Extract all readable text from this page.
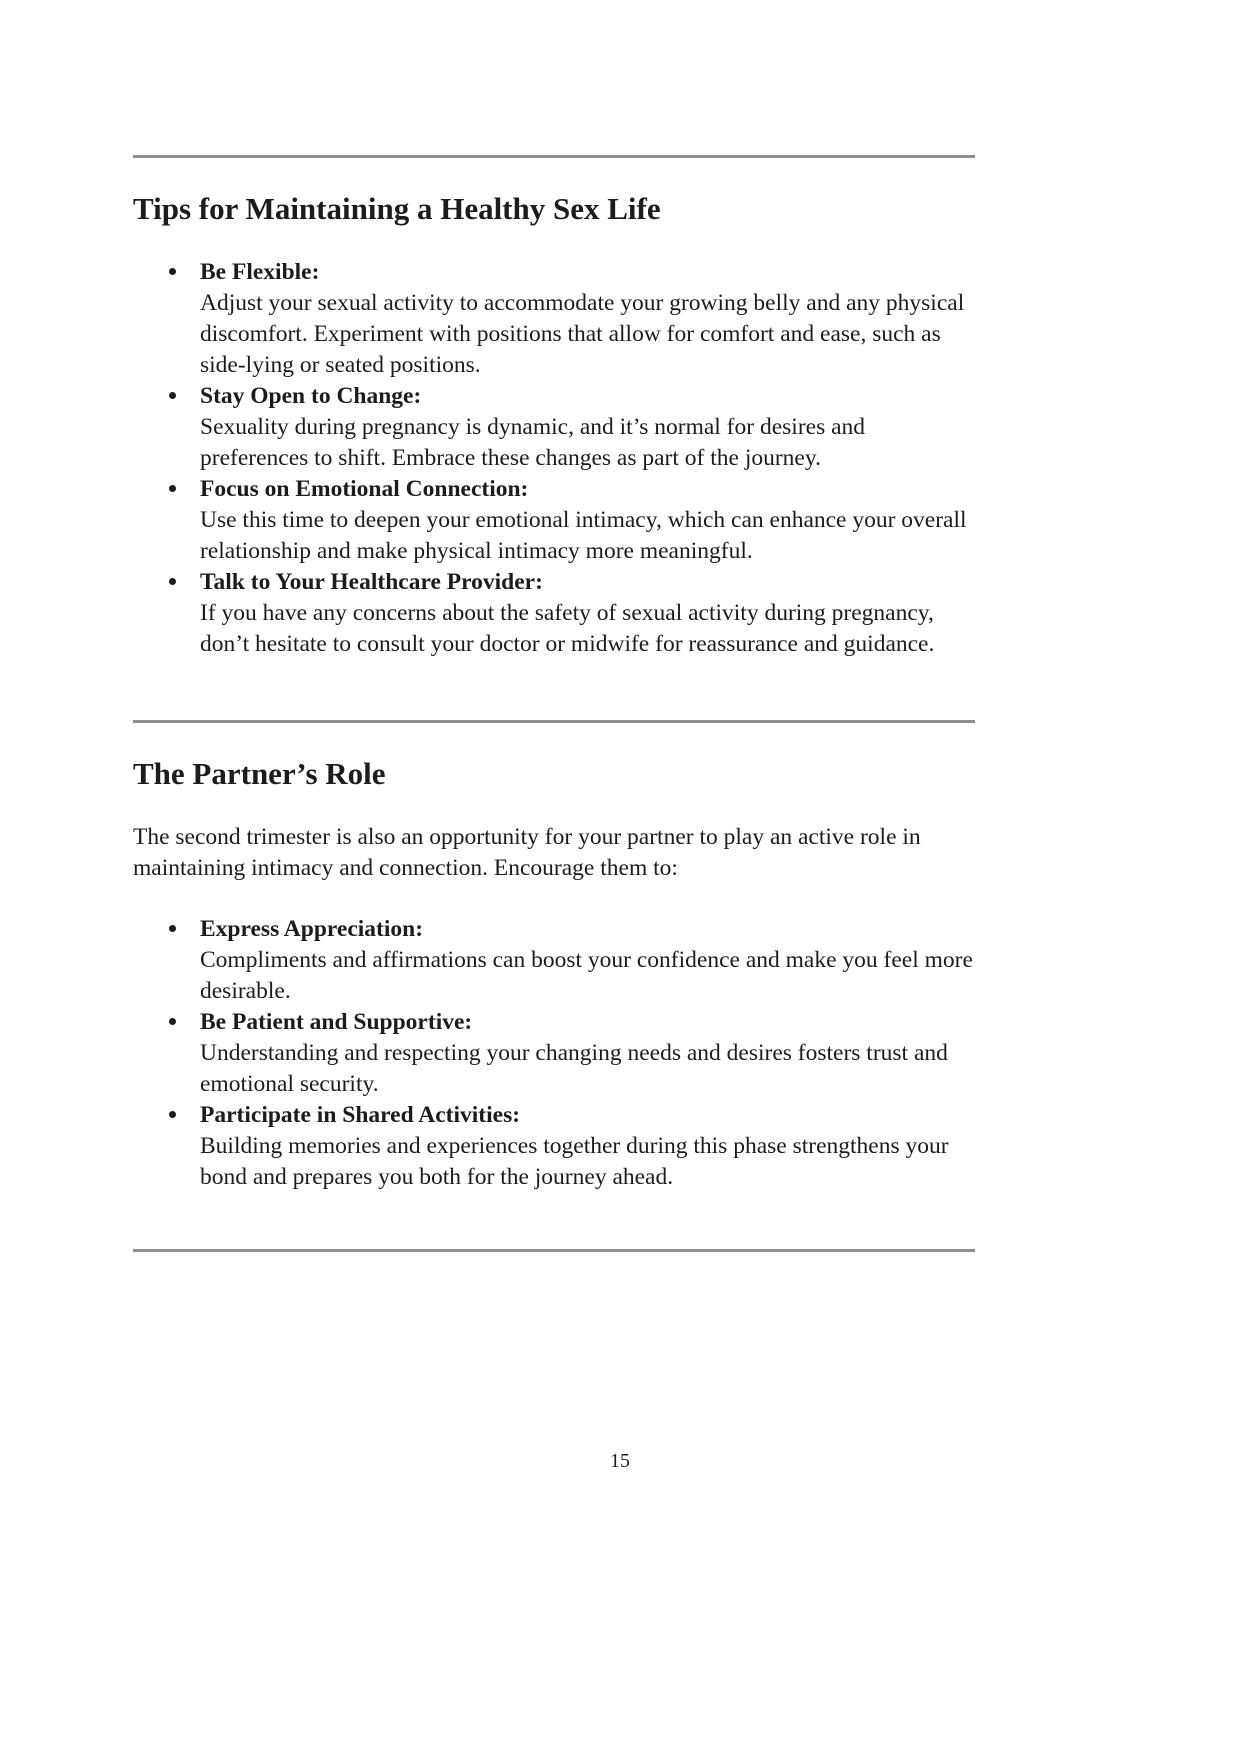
Tips for Maintaining a Healthy Sex Life
Be Flexible:
Adjust your sexual activity to accommodate your growing belly and any physical discomfort. Experiment with positions that allow for comfort and ease, such as side-lying or seated positions.
Stay Open to Change:
Sexuality during pregnancy is dynamic, and it’s normal for desires and preferences to shift. Embrace these changes as part of the journey.
Focus on Emotional Connection:
Use this time to deepen your emotional intimacy, which can enhance your overall relationship and make physical intimacy more meaningful.
Talk to Your Healthcare Provider:
If you have any concerns about the safety of sexual activity during pregnancy, don’t hesitate to consult your doctor or midwife for reassurance and guidance.
The Partner’s Role

The second trimester is also an opportunity for your partner to play an active role in maintaining intimacy and connection. Encourage them to:

Express Appreciation:
Compliments and affirmations can boost your confidence and make you feel more desirable.
Be Patient and Supportive:
Understanding and respecting your changing needs and desires fosters trust and emotional security.
Participate in Shared Activities:
Building memories and experiences together during this phase strengthens your bond and prepares you both for the journey ahead.
15
